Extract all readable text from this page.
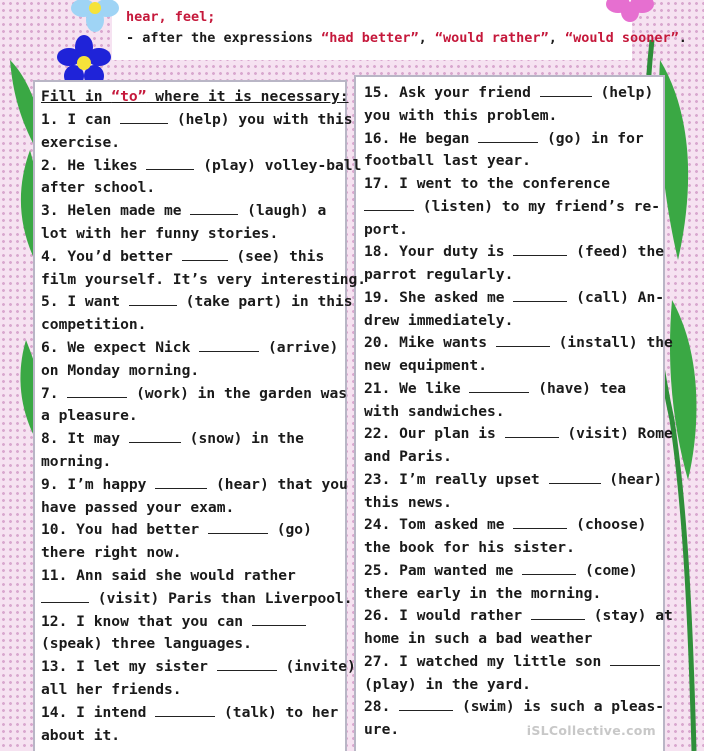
hear, feel;
- after the expressions “had better”, “would rather”, “would sooner”.
Fill in “to” where it is necessary:
1. I can	(help) you with this
exercise.
2. He likes	(play) volley-ball
after school.
3. Helen made me	(laugh) a
lot with her funny stories.
4. You’d better	(see) this
film yourself. It’s very interesting.
5. I want	(take part) in this
competition.
6. We expect Nick	(arrive)
on Monday morning.
7.	(work) in the garden was
a pleasure.
8. It may	(snow) in the
morning.
9. I’m happy	(hear) that you
have passed your exam.
10. You had better	(go)
there right now.
11. Ann said she would rather
(visit) Paris than Liverpool.
12. I know that you can
(speak) three languages.
13. I let my sister	(invite)
all her friends.
14. I intend	(talk) to her
about it.
15. Ask your friend	(help)
you with this problem.
16. He began	(go) in for
football last year.
17. I went to the conference
(listen) to my friend’s re-
port.
18. Your duty is	(feed) the
parrot regularly.
19. She asked me	(call) An-
drew immediately.
20. Mike wants	(install) the
new equipment.
21. We like	(have) tea
with sandwiches.
22. Our plan is	(visit) Rome
and Paris.
23. I’m really upset	(hear)
this news.
24. Tom asked me	(choose)
the book for his sister.
25. Pam wanted me	(come)
there early in the morning.
26. I would rather	(stay) at
home in such a bad weather
27. I watched my little son
(play) in the yard.
28.	(swim) is such a pleas-
ure.	iSLCollective.com
